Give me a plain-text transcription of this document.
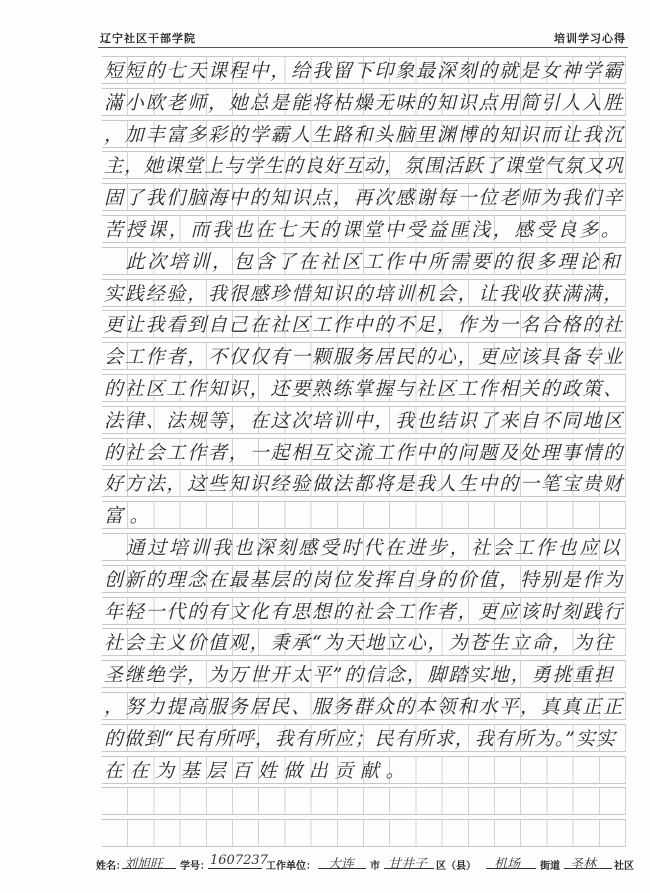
辽宁社区干部学院	培训学习心得
短短的七天课程中，给我留下印象最深刻的就是女神学霸
滿小欧老师，她总是能将枯燥无味的知识点用简引人入胜
，加丰富多彩的学霸人生路和头脑里渊博的知识而让我沉
主，她课堂上与学生的良好互动，氛围活跃了课堂气氛又巩
固了我们脑海中的知识点，再次感谢每一位老师为我们辛
苦授课，而我也在七天的课堂中受益匪浅，感受良多。
　此次培训，包含了在社区工作中所需要的很多理论和
实践经验，我很感珍惜知识的培训机会，让我收获满满，
更让我看到自己在社区工作中的不足，作为一名合格的社
会工作者，不仅仅有一颗服务居民的心，更应该具备专业
的社区工作知识，还要熟练掌握与社区工作相关的政策、
法律、法规等，在这次培训中，我也结识了来自不同地区
的社会工作者，一起相互交流工作中的问题及处理事情的
好方法，这些知识经验做法都将是我人生中的一笔宝贵财
富。
　通过培训我也深刻感受时代在进步，社会工作也应以
创新的理念在最基层的岗位发挥自身的价值，特别是作为
年轻一代的有文化有思想的社会工作者，更应该时刻践行
社会主义价值观，秉承“为天地立心，为苍生立命，为往
圣继绝学，为万世开太平”的信念，脚踏实地，勇挑重担
，努力提高服务居民、服务群众的本领和水平，真真正正
的做到“民有所呼，我有所应；民有所求，我有所为。”实实
在在为基层百姓做出贡献。
姓名：
刘旭旺 学号： 1607237
工作单位： 大连 市 甘井子 区（县） 机场 街道 圣林 社区
